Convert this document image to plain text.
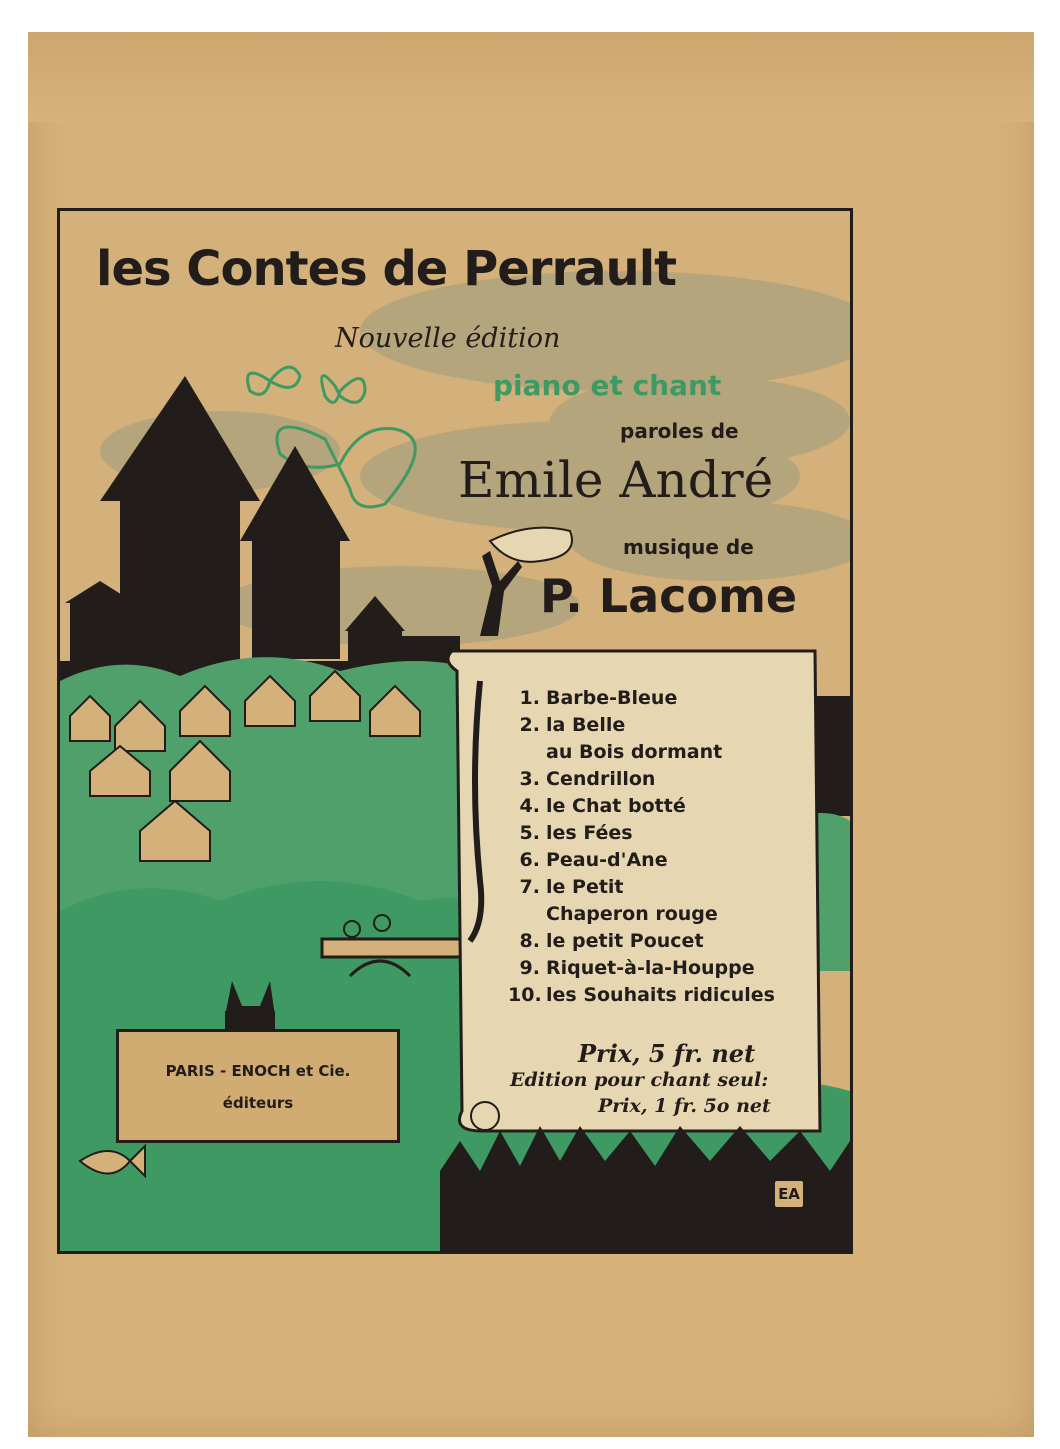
les Contes de Perrault
Nouvelle édition
piano et chant
paroles de
Emile André
musique de
P. Lacome
1. Barbe-Bleue
2. la Belle
au Bois dormant
3. Cendrillon
4. le Chat botté
5. les Fées
6. Peau-d'Ane
7. le Petit
Chaperon rouge
8. le petit Poucet
9. Riquet-à-la-Houppe
10. les Souhaits ridicules
Prix, 5 fr. net
Edition pour chant seul:
Prix, 1 fr. 5o net
PARIS - ENOCH et Cie.
éditeurs
EA
